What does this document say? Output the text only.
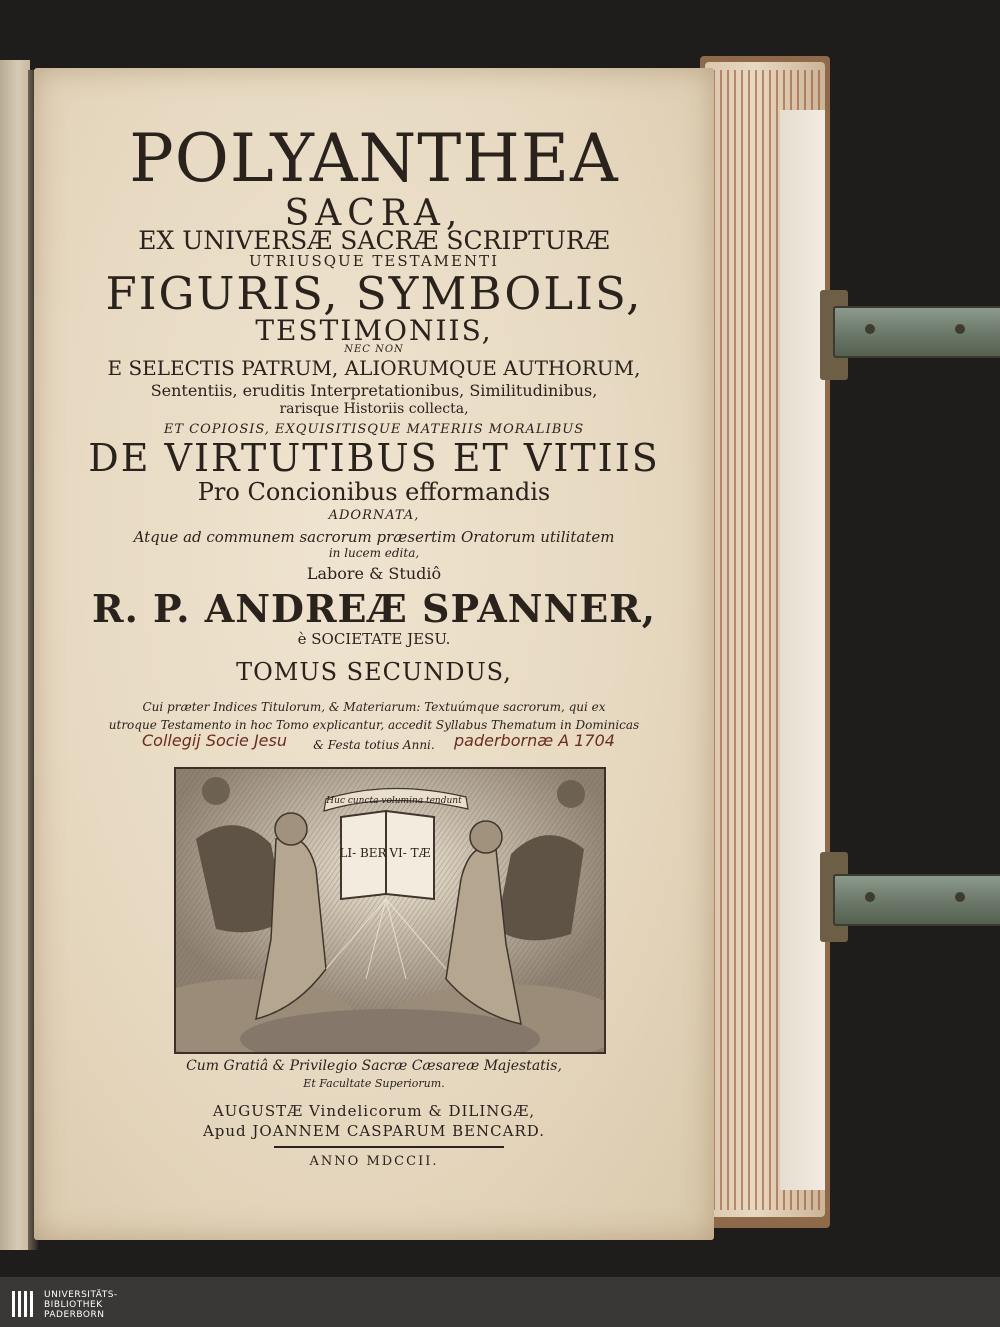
POLYANTHEA
SACRA,
EX UNIVERSÆ SACRÆ SCRIPTURÆ
UTRIUSQUE TESTAMENTI
FIGURIS, SYMBOLIS,
TESTIMONIIS,
NEC NON
E SELECTIS PATRUM, ALIORUMQUE AUTHORUM,
Sententiis, eruditis Interpretationibus, Similitudinibus,
rarisque Historiis collecta,
ET COPIOSIS, EXQUISITISQUE MATERIIS MORALIBUS
DE VIRTUTIBUS ET VITIIS
Pro Concionibus efformandis
ADORNATA,
Atque ad communem sacrorum præsertim Oratorum utilitatem
in lucem edita,
Labore & Studiô
R. P. ANDREÆ SPANNER,
è SOCIETATE JESU.
TOMUS SECUNDUS,
Cui præter Indices Titulorum, & Materiarum: Textuúmque sacrorum, qui ex
utroque Testamento in hoc Tomo explicantur, accedit Syllabus Thematum in Dominicas
& Festa totius Anni.
Collegij Socie Jesu	paderbornæ A 1704
Huc cuncta volumina tendunt
LI- BER VI- TÆ
Cum Gratiâ & Privilegio Sacræ Cæsareæ Majestatis,
Et Facultate Superiorum.
AUGUSTÆ Vindelicorum & DILINGÆ,
Apud JOANNEM CASPARUM BENCARD.
ANNO MDCCII.
UNIVERSITÄTS-
BIBLIOTHEK
PADERBORN
